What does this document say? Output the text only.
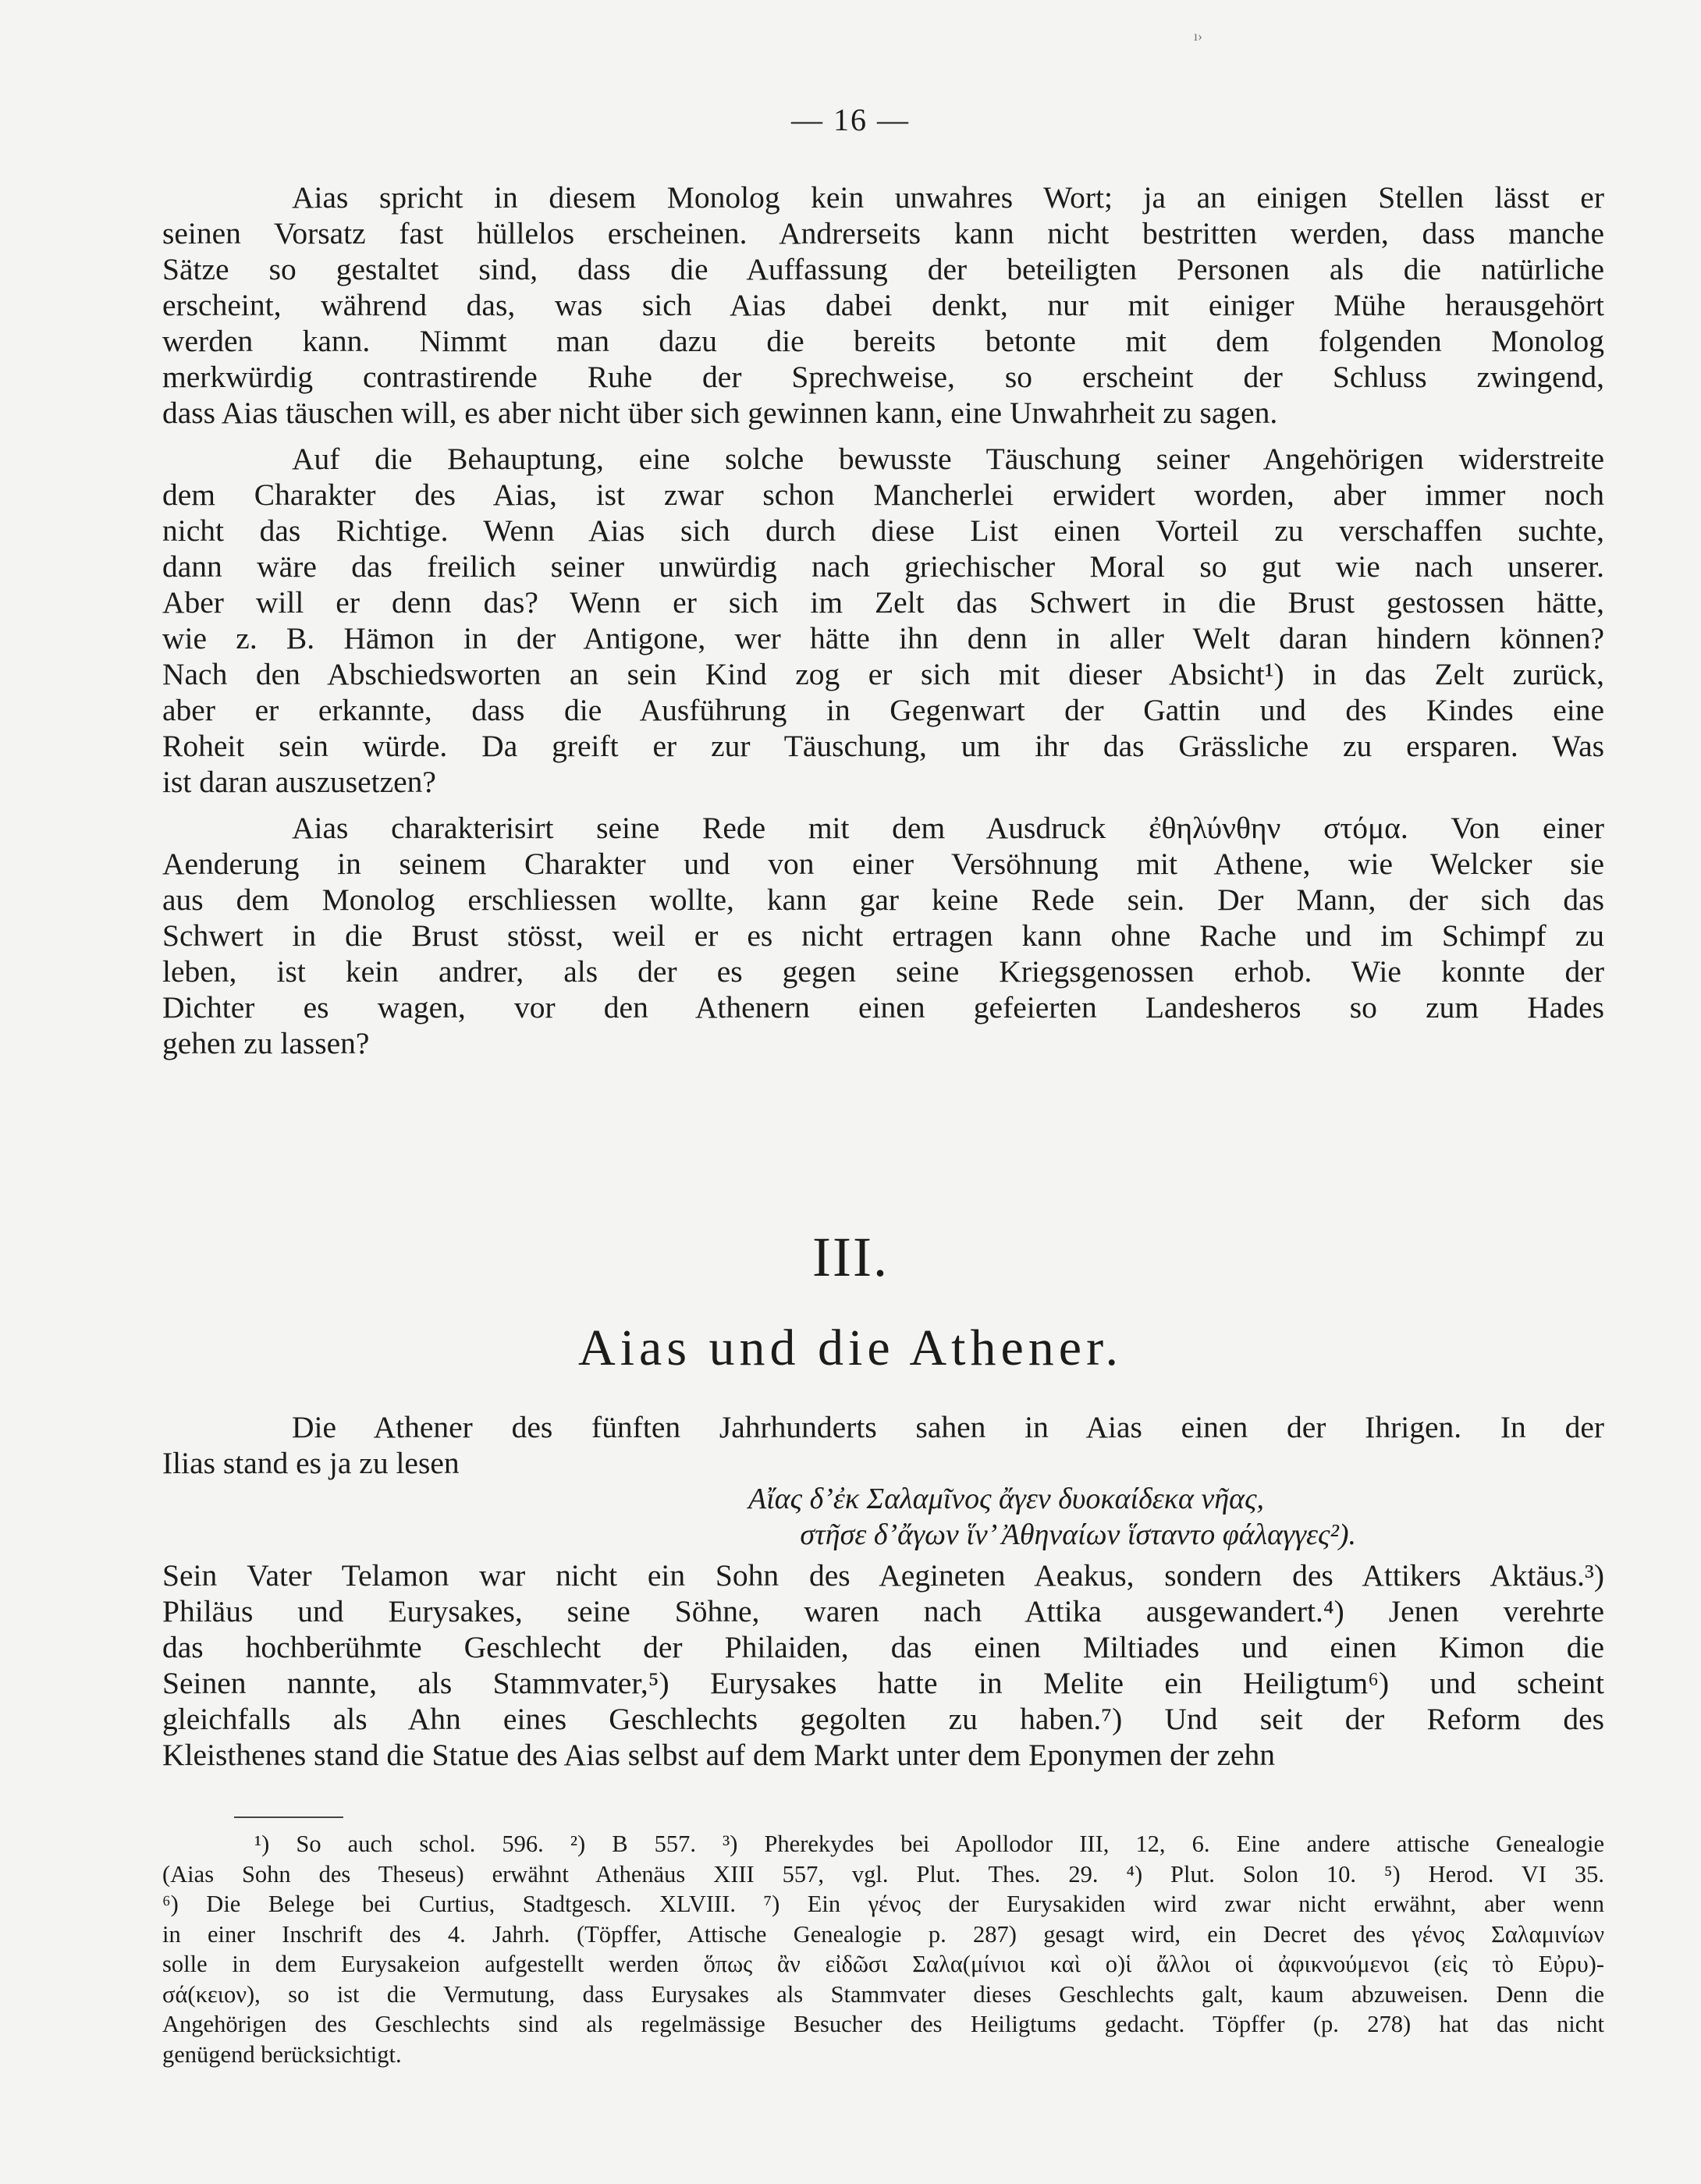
ı›
— 16 —

Aias spricht in diesem Monolog kein unwahres Wort; ja an einigen Stellen lässt er
seinen Vorsatz fast hüllelos erscheinen. Andrerseits kann nicht bestritten werden, dass manche
Sätze so gestaltet sind, dass die Auffassung der beteiligten Personen als die natürliche
erscheint, während das, was sich Aias dabei denkt, nur mit einiger Mühe herausgehört
werden kann. Nimmt man dazu die bereits betonte mit dem folgenden Monolog
merkwürdig contrastirende Ruhe der Sprechweise, so erscheint der Schluss zwingend,
dass Aias täuschen will, es aber nicht über sich gewinnen kann, eine Unwahrheit zu sagen.

Auf die Behauptung, eine solche bewusste Täuschung seiner Angehörigen widerstreite
dem Charakter des Aias, ist zwar schon Mancherlei erwidert worden, aber immer noch
nicht das Richtige. Wenn Aias sich durch diese List einen Vorteil zu verschaffen suchte,
dann wäre das freilich seiner unwürdig nach griechischer Moral so gut wie nach unserer.
Aber will er denn das? Wenn er sich im Zelt das Schwert in die Brust gestossen hätte,
wie z. B. Hämon in der Antigone, wer hätte ihn denn in aller Welt daran hindern können?
Nach den Abschiedsworten an sein Kind zog er sich mit dieser Absicht¹) in das Zelt zurück,
aber er erkannte, dass die Ausführung in Gegenwart der Gattin und des Kindes eine
Roheit sein würde. Da greift er zur Täuschung, um ihr das Grässliche zu ersparen. Was
ist daran auszusetzen?

Aias charakterisirt seine Rede mit dem Ausdruck ἐθηλύνθην στόμα. Von einer
Aenderung in seinem Charakter und von einer Versöhnung mit Athene, wie Welcker sie
aus dem Monolog erschliessen wollte, kann gar keine Rede sein. Der Mann, der sich das
Schwert in die Brust stösst, weil er es nicht ertragen kann ohne Rache und im Schimpf zu
leben, ist kein andrer, als der es gegen seine Kriegsgenossen erhob. Wie konnte der
Dichter es wagen, vor den Athenern einen gefeierten Landesheros so zum Hades
gehen zu lassen?

III.
Aias und die Athener.

Die Athener des fünften Jahrhunderts sahen in Aias einen der Ihrigen. In der
Ilias stand es ja zu lesen

Αἴας δ’ἐκ Σαλαμῖνος ἄγεν δυοκαίδεκα νῆας,
στῆσε δ’ἄγων ἵν’ Ἀθηναίων ἵσταντο φάλαγγες²).

Sein Vater Telamon war nicht ein Sohn des Aegineten Aeakus, sondern des Attikers Aktäus.³)
Philäus und Eurysakes, seine Söhne, waren nach Attika ausgewandert.⁴) Jenen verehrte
das hochberühmte Geschlecht der Philaiden, das einen Miltiades und einen Kimon die
Seinen nannte, als Stammvater,⁵) Eurysakes hatte in Melite ein Heiligtum⁶) und scheint
gleichfalls als Ahn eines Geschlechts gegolten zu haben.⁷) Und seit der Reform des
Kleisthenes stand die Statue des Aias selbst auf dem Markt unter dem Eponymen der zehn

¹) So auch schol. 596. ²) B 557. ³) Pherekydes bei Apollodor III, 12, 6. Eine andere attische Genealogie
(Aias Sohn des Theseus) erwähnt Athenäus XIII 557, vgl. Plut. Thes. 29. ⁴) Plut. Solon 10. ⁵) Herod. VI 35.
⁶) Die Belege bei Curtius, Stadtgesch. XLVIII. ⁷) Ein γένος der Eurysakiden wird zwar nicht erwähnt, aber wenn
in einer Inschrift des 4. Jahrh. (Töpffer, Attische Genealogie p. 287) gesagt wird, ein Decret des γένος Σαλαμινίων
solle in dem Eurysakeion aufgestellt werden ὅπως ἂν εἰδῶσι Σαλα(μίνιοι καὶ ο)ἱ ἄλλοι οἱ ἀφικνούμενοι (εἰς τὸ Εὐρυ)-
σά(κειον), so ist die Vermutung, dass Eurysakes als Stammvater dieses Geschlechts galt, kaum abzuweisen. Denn die
Angehörigen des Geschlechts sind als regelmässige Besucher des Heiligtums gedacht. Töpffer (p. 278) hat das nicht
genügend berücksichtigt.
